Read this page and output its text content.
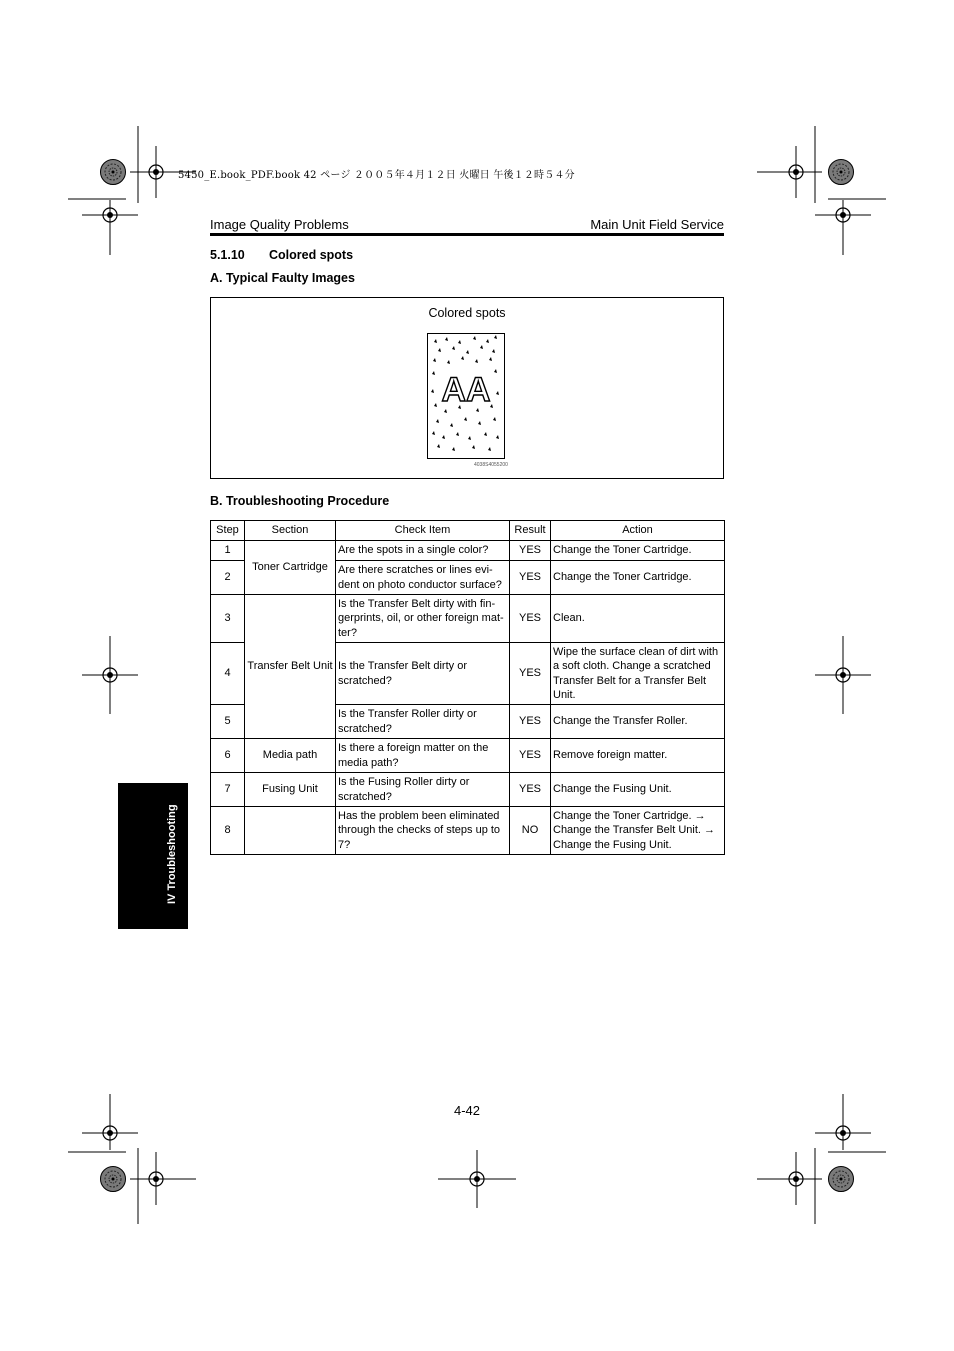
5450_E.book_PDF.book 42 ページ ２００５年４月１２日 火曜日 午後１２時５４分
Image Quality Problems	Main Unit Field Service
5.1.10 Colored spots
A. Typical Faulty Images
Colored spots
AA
4038S4055200
B. Troubleshooting Procedure
Step	Section	Check Item	Result	Action
1	Toner Cartridge	Are the spots in a single color?	YES	Change the Toner Cartridge.
2		Are there scratches or lines evi-dent on photo conductor surface?	YES	Change the Toner Cartridge.
3	Transfer Belt Unit	Is the Transfer Belt dirty with fin-gerprints, oil, or other foreign mat-ter?	YES	Clean.
4		Is the Transfer Belt dirty or scratched?	YES	Wipe the surface clean of dirt with a soft cloth. Change a scratched Transfer Belt for a Transfer Belt Unit.
5		Is the Transfer Roller dirty or scratched?	YES	Change the Transfer Roller.
6	Media path	Is there a foreign matter on the media path?	YES	Remove foreign matter.
7	Fusing Unit	Is the Fusing Roller dirty or scratched?	YES	Change the Fusing Unit.
8		Has the problem been eliminated through the checks of steps up to 7?	NO	Change the Toner Cartridge. → Change the Transfer Belt Unit. → Change the Fusing Unit.
IV Troubleshooting
4-42
